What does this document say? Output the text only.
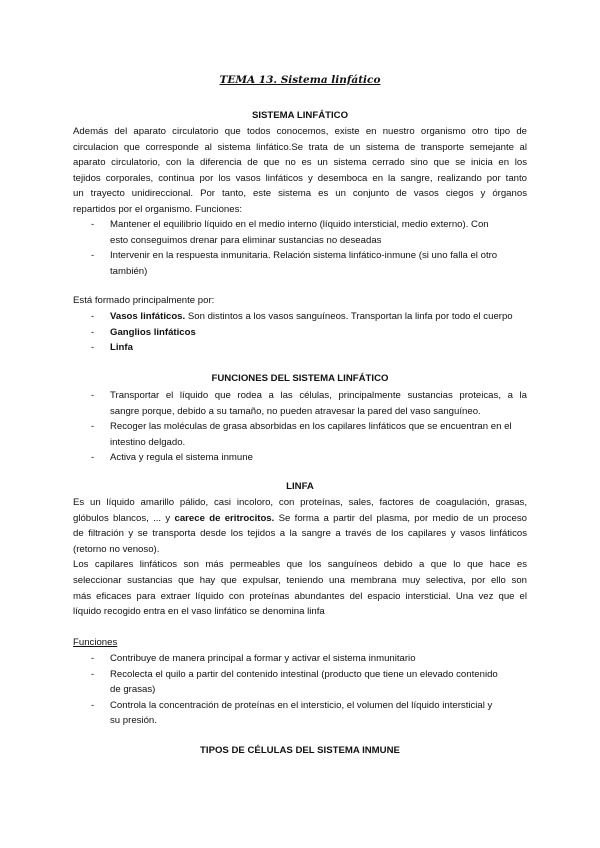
TEMA 13. Sistema linfático
SISTEMA LINFÁTICO
Además del aparato circulatorio que todos conocemos, existe en nuestro organismo otro tipo de
circulacion que corresponde al sistema linfático.Se trata de un sistema de transporte semejante al
aparato circulatorio, con la diferencia de que no es un sistema cerrado sino que se inicia en los
tejidos corporales, continua por los vasos linfáticos y desemboca en la sangre, realizando por tanto
un trayecto unidireccional. Por tanto, este sistema es un conjunto de vasos ciegos y órganos
repartidos por el organismo. Funciones:
- Mantener el equilibrio líquido en el medio interno (líquido intersticial, medio externo). Con
esto conseguimos drenar para eliminar sustancias no deseadas
- Intervenir en la respuesta inmunitaria. Relación sistema linfático-inmune (si uno falla el otro
también)
Está formado principalmente por:
- Vasos linfáticos. Son distintos a los vasos sanguíneos. Transportan la linfa por todo el cuerpo
- Ganglios linfáticos
- Linfa
FUNCIONES DEL SISTEMA LINFÁTICO
- Transportar el líquido que rodea a las células, principalmente sustancias proteicas, a la
sangre porque, debido a su tamaño, no pueden atravesar la pared del vaso sanguíneo.
- Recoger las moléculas de grasa absorbidas en los capilares linfáticos que se encuentran en el
intestino delgado.
- Activa y regula el sistema inmune
LINFA
Es un líquido amarillo pálido, casi incoloro, con proteínas, sales, factores de coagulación, grasas,
glóbulos blancos, ... y carece de eritrocitos. Se forma a partir del plasma, por medio de un proceso
de filtración y se transporta desde los tejidos a la sangre a través de los capilares y vasos linfáticos
(retorno no venoso).
Los capilares linfáticos son más permeables que los sanguíneos debido a que lo que hace es
seleccionar sustancias que hay que expulsar, teniendo una membrana muy selectiva, por ello son
más eficaces para extraer líquido con proteínas abundantes del espacio intersticial. Una vez que el
líquido recogido entra en el vaso linfático se denomina linfa
Funciones
- Contribuye de manera principal a formar y activar el sistema inmunitario
- Recolecta el quilo a partir del contenido intestinal (producto que tiene un elevado contenido
de grasas)
- Controla la concentración de proteínas en el intersticio, el volumen del líquido intersticial y
su presión.
TIPOS DE CÉLULAS DEL SISTEMA INMUNE
